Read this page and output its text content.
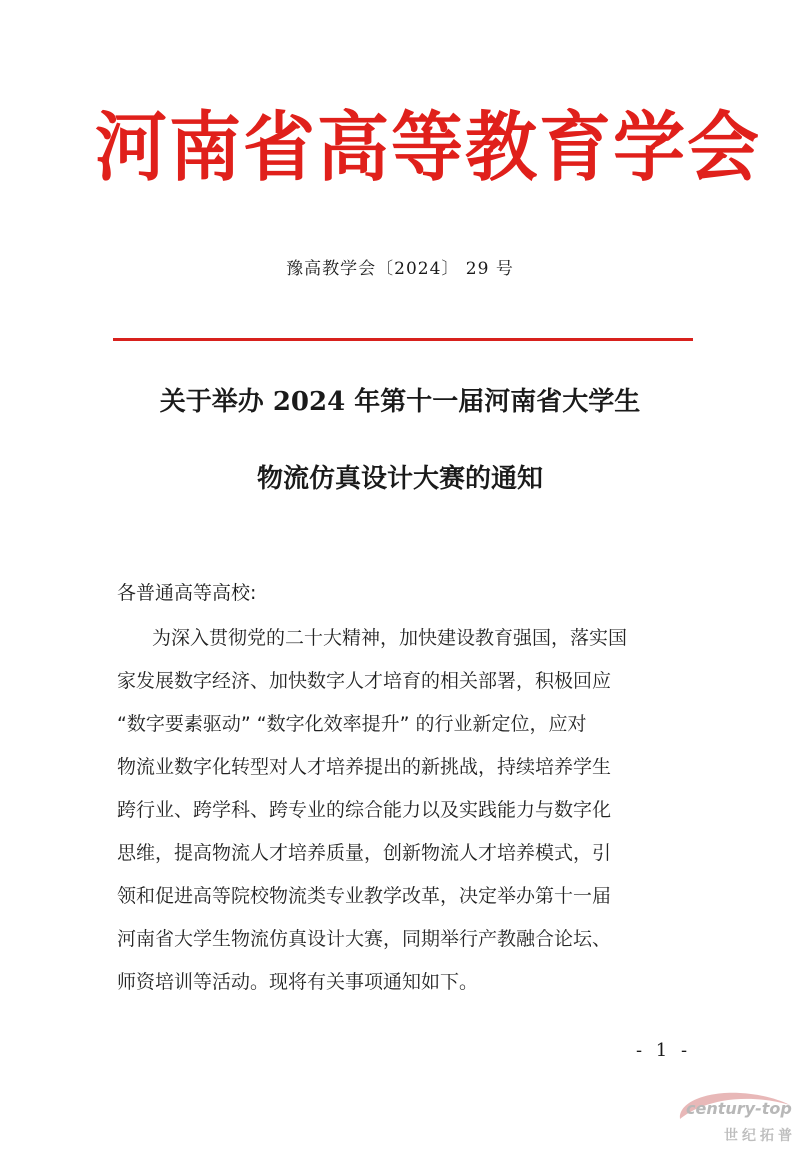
河南省高等教育学会
豫高教学会〔2024〕 29 号
关于举办 2024 年第十一届河南省大学生
物流仿真设计大赛的通知
各普通高等高校:
为深入贯彻党的二十大精神，加快建设教育强国，落实国
家发展数字经济、加快数字人才培育的相关部署，积极回应
“数字要素驱动” “数字化效率提升” 的行业新定位，应对
物流业数字化转型对人才培养提出的新挑战，持续培养学生
跨行业、跨学科、跨专业的综合能力以及实践能力与数字化
思维，提高物流人才培养质量，创新物流人才培养模式，引
领和促进高等院校物流类专业教学改革，决定举办第十一届
河南省大学生物流仿真设计大赛，同期举行产教融合论坛、
师资培训等活动。现将有关事项通知如下。
- 1 -
century-top
世纪拓普
